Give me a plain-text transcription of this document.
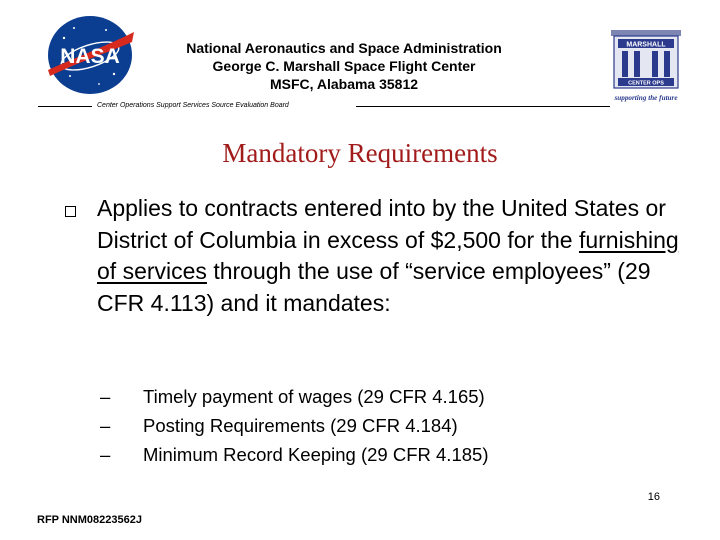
NASA	National Aeronautics and Space Administration
George C. Marshall Space Flight Center
MSFC, Alabama 35812
MARSHALL
CENTER OPS
supporting the future
Center Operations Support Services Source Evaluation Board
Mandatory Requirements
Applies to contracts entered into by the United States or District of Columbia in excess of $2,500 for the furnishing of services through the use of “service employees” (29 CFR 4.113) and it mandates:
– Timely payment of wages (29 CFR 4.165)
– Posting Requirements (29 CFR 4.184)
– Minimum Record Keeping (29 CFR 4.185)
16
RFP NNM08223562J
